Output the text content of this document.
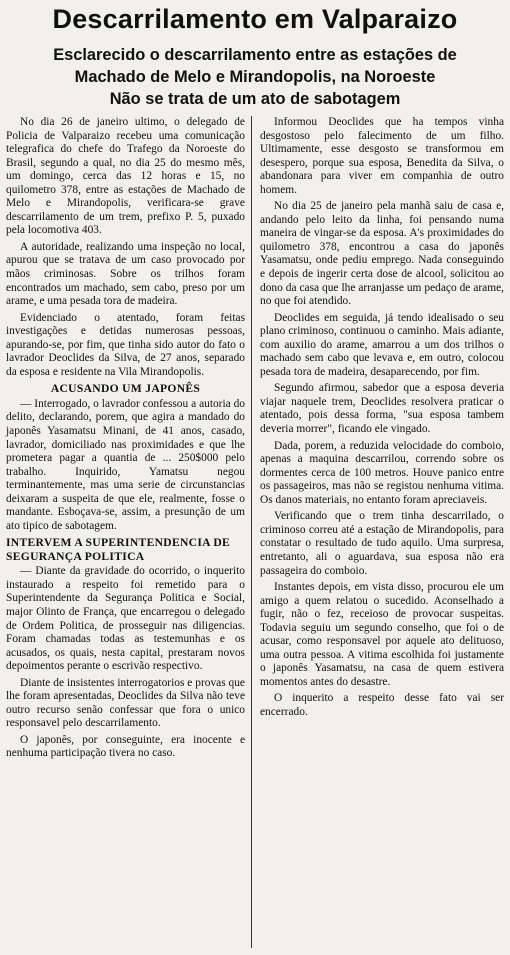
Descarrilamento em Valparaizo
Esclarecido o descarrilamento entre as estações de
Machado de Melo e Mirandopolis, na Noroeste
Não se trata de um ato de sabotagem

No dia 26 de janeiro ultimo, o delegado de Policia de Valparaizo recebeu uma comunicação telegrafica do chefe do Trafego da Noroeste do Brasil, segundo a qual, no dia 25 do mesmo mês, um domingo, cerca das 12 horas e 15, no quilometro 378, entre as estações de Machado de Melo e Mirandopolis, verificara-se grave descarrilamento de um trem, prefixo P. 5, puxado pela locomotiva 403.

A autoridade, realizando uma inspeção no local, apurou que se tratava de um caso provocado por mãos criminosas. Sobre os trilhos foram encontrados um machado, sem cabo, preso por um arame, e uma pesada tora de madeira.

Evidenciado o atentado, foram feitas investigações e detidas numerosas pessoas, apurando-se, por fim, que tinha sido autor do fato o lavrador Deoclides da Silva, de 27 anos, separado da esposa e residente na Vila Mirandopolis.

ACUSANDO UM JAPONÊS

— Interrogado, o lavrador confessou a autoria do delito, declarando, porem, que agira a mandado do japonês Yasamatsu Minani, de 41 anos, casado, lavrador, domiciliado nas proximidades e que lhe prometera pagar a quantia de ... 250$000 pelo trabalho. Inquirido, Yamatsu negou terminantemente, mas uma serie de circunstancias deixaram a suspeita de que ele, realmente, fosse o mandante. Esboçava-se, assim, a presunção de um ato tipico de sabotagem.

INTERVEM A SUPERINTENDENCIA DE SEGURANÇA POLITICA

— Diante da gravidade do ocorrido, o inquerito instaurado a respeito foi remetido para o Superintendente da Segurança Politica e Social, major Olinto de França, que encarregou o delegado de Ordem Politica, de prosseguir nas diligencias. Foram chamadas todas as testemunhas e os acusados, os quais, nesta capital, prestaram novos depoimentos perante o escrivão respectivo.

Diante de insistentes interrogatorios e provas que lhe foram apresentadas, Deoclides da Silva não teve outro recurso senão confessar que fora o unico responsavel pelo descarrilamento.

O japonês, por conseguinte, era inocente e nenhuma participação tivera no caso.

Informou Deoclides que ha tempos vinha desgostoso pelo falecimento de um filho. Ultimamente, esse desgosto se transformou em desespero, porque sua esposa, Benedita da Silva, o abandonara para viver em companhia de outro homem.

No dia 25 de janeiro pela manhã saiu de casa e, andando pelo leito da linha, foi pensando numa maneira de vingar-se da esposa. A's proximidades do quilometro 378, encontrou a casa do japonês Yasamatsu, onde pediu emprego. Nada conseguindo e depois de ingerir certa dose de alcool, solicitou ao dono da casa que lhe arranjasse um pedaço de arame, no que foi atendido.

Deoclides em seguida, já tendo idealisado o seu plano criminoso, continuou o caminho. Mais adiante, com auxilio do arame, amarrou a um dos trilhos o machado sem cabo que levava e, em outro, colocou pesada tora de madeira, desaparecendo, por fim.

Segundo afirmou, sabedor que a esposa deveria viajar naquele trem, Deoclides resolvera praticar o atentado, pois dessa forma, "sua esposa tambem deveria morrer", ficando ele vingado.

Dada, porem, a reduzida velocidade do comboio, apenas a maquina descarrilou, correndo sobre os dormentes cerca de 100 metros. Houve panico entre os passageiros, mas não se registou nenhuma vitima. Os danos materiais, no entanto foram apreciaveis.

Verificando que o trem tinha descarrilado, o criminoso correu até a estação de Mirandopolis, para constatar o resultado de tudo aquilo. Uma surpresa, entretanto, ali o aguardava, sua esposa não era passageira do comboio.

Instantes depois, em vista disso, procurou ele um amigo a quem relatou o sucedido. Aconselhado a fugir, não o fez, receioso de provocar suspeitas. Todavia seguiu um segundo conselho, que foi o de acusar, como responsavel por aquele ato delituoso, uma outra pessoa. A vitima escolhida foi justamente o japonês Yasamatsu, na casa de quem estivera momentos antes do desastre.

O inquerito a respeito desse fato vai ser encerrado.
